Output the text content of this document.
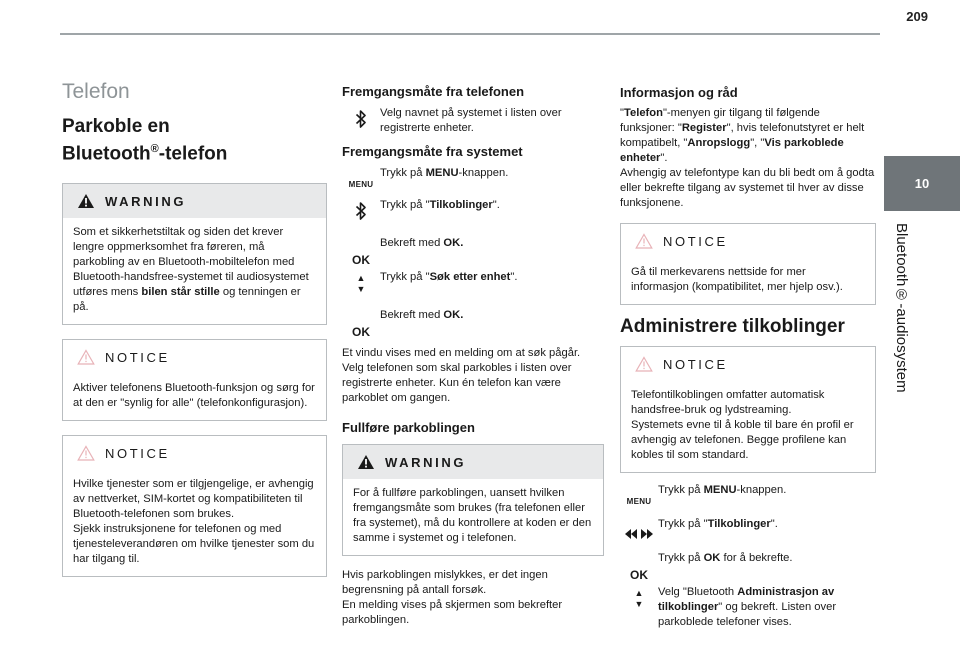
209
10
Bluetooth®-audiosystem
Telefon
Parkoble en
Bluetooth®-telefon
WARNING
Som et sikkerhetstiltak og siden det krever lengre oppmerksomhet fra føreren, må parkobling av en Bluetooth-mobiltelefon med Bluetooth-handsfree-systemet til audiosystemet utføres mens bilen står stille og tenningen er på.
NOTICE
Aktiver telefonens Bluetooth-funksjon og sørg for at den er "synlig for alle" (telefonkonfigurasjon).
NOTICE
Hvilke tjenester som er tilgjengelige, er avhengig av nettverket, SIM-kortet og kompatibiliteten til Bluetooth-telefonen som brukes.
Sjekk instruksjonene for telefonen og med tjenesteleverandøren om hvilke tjenester som du har tilgang til.
Fremgangsmåte fra telefonen
Velg navnet på systemet i listen over registrerte enheter.
Fremgangsmåte fra systemet
MENU
Trykk på MENU-knappen.
Trykk på "Tilkoblinger".
OK
Bekreft med OK.
▲
▼
Trykk på "Søk etter enhet".
OK
Bekreft med OK.
Et vindu vises med en melding om at søk pågår. Velg telefonen som skal parkobles i listen over registrerte enheter. Kun én telefon kan være parkoblet om gangen.
Fullføre parkoblingen
WARNING
For å fullføre parkoblingen, uansett hvilken fremgangsmåte som brukes (fra telefonen eller fra systemet), må du kontrollere at koden er den samme i systemet og i telefonen.
Hvis parkoblingen mislykkes, er det ingen begrensning på antall forsøk.
En melding vises på skjermen som bekrefter parkoblingen.
Informasjon og råd
"Telefon"-menyen gir tilgang til følgende funksjoner: "Register", hvis telefonutstyret er helt kompatibelt, "Anropslogg", "Vis parkoblede enheter".
Avhengig av telefontype kan du bli bedt om å godta eller bekrefte tilgang av systemet til hver av disse funksjonene.
NOTICE
Gå til merkevarens nettside for mer informasjon (kompatibilitet, mer hjelp osv.).
Administrere tilkoblinger
NOTICE
Telefontilkoblingen omfatter automatisk handsfree-bruk og lydstreaming.
Systemets evne til å koble til bare én profil er avhengig av telefonen. Begge profilene kan kobles til som standard.
MENU
Trykk på MENU-knappen.
Trykk på "Tilkoblinger".
OK
Trykk på OK for å bekrefte.
▲
▼
Velg "Bluetooth Administrasjon av tilkoblinger" og bekreft. Listen over parkoblede telefoner vises.
